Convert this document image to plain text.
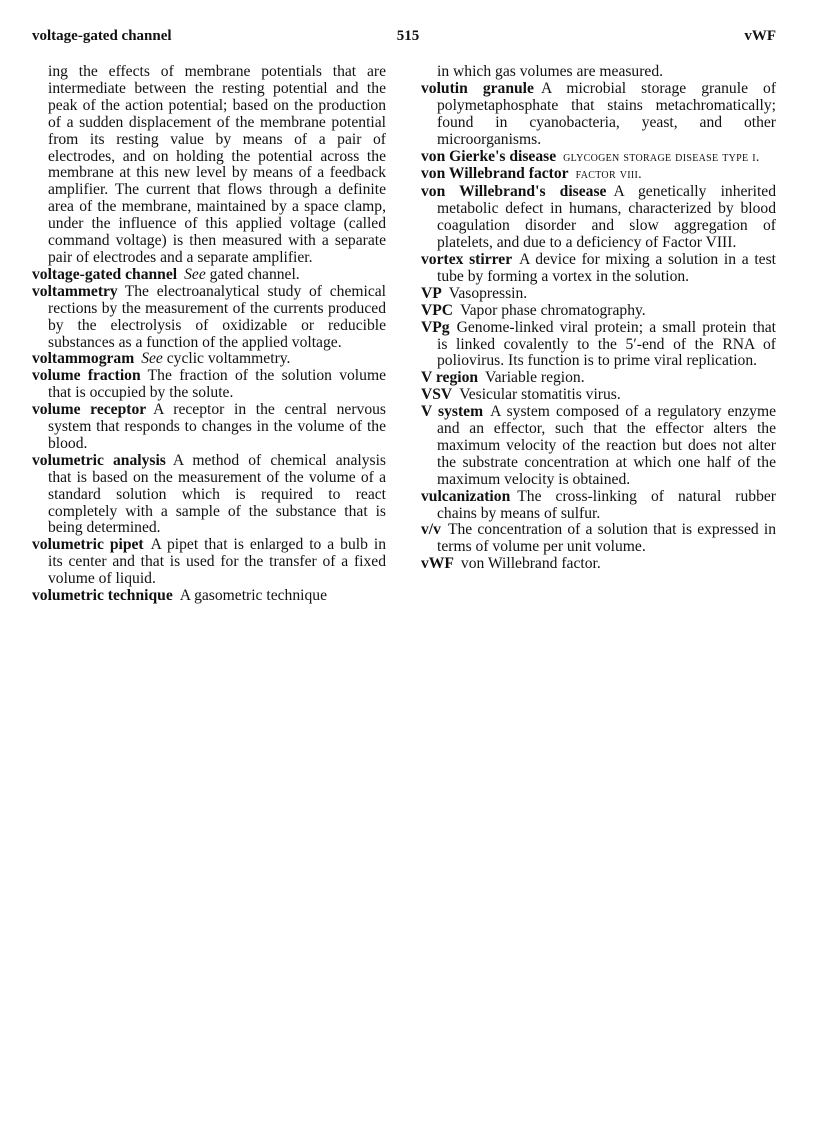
voltage-gated channel	515	vWF

ing the effects of membrane potentials that are intermediate between the resting potential and the peak of the action potential; based on the production of a sudden displacement of the membrane potential from its resting value by means of a pair of electrodes, and on holding the potential across the membrane at this new level by means of a feedback amplifier. The current that flows through a definite area of the membrane, maintained by a space clamp, under the influence of this applied voltage (called command voltage) is then measured with a separate pair of electrodes and a separate amplifier.

voltage-gated channel See gated channel.

voltammetry The electroanalytical study of chemical rections by the measurement of the currents produced by the electrolysis of oxidizable or reducible substances as a function of the applied voltage.

voltammogram See cyclic voltammetry.

volume fraction The fraction of the solution volume that is occupied by the solute.

volume receptor A receptor in the central nervous system that responds to changes in the volume of the blood.

volumetric analysis A method of chemical analysis that is based on the measurement of the volume of a standard solution which is required to react completely with a sample of the substance that is being determined.

volumetric pipet A pipet that is enlarged to a bulb in its center and that is used for the transfer of a fixed volume of liquid.

volumetric technique A gasometric technique

in which gas volumes are measured.

volutin granule A microbial storage granule of polymetaphosphate that stains metachromatically; found in cyanobacteria, yeast, and other microorganisms.

von Gierke's disease glycogen storage disease type i.

von Willebrand factor factor viii.

von Willebrand's disease A genetically inherited metabolic defect in humans, characterized by blood coagulation disorder and slow aggregation of platelets, and due to a deficiency of Factor VIII.

vortex stirrer A device for mixing a solution in a test tube by forming a vortex in the solution.

VP Vasopressin.

VPC Vapor phase chromatography.

VPg Genome-linked viral protein; a small protein that is linked covalently to the 5′-end of the RNA of poliovirus. Its function is to prime viral replication.

V region Variable region.

VSV Vesicular stomatitis virus.

V system A system composed of a regulatory enzyme and an effector, such that the effector alters the maximum velocity of the reaction but does not alter the substrate concentration at which one half of the maximum velocity is obtained.

vulcanization The cross-linking of natural rubber chains by means of sulfur.

v/v The concentration of a solution that is expressed in terms of volume per unit volume.

vWF von Willebrand factor.
